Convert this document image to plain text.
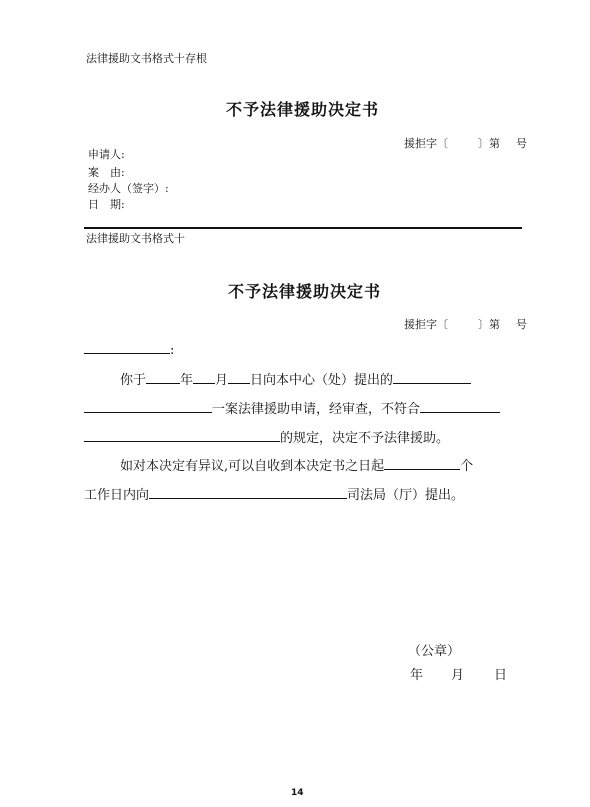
法律援助文书格式十存根
不予法律援助决定书
援拒字〔	〕第 号
申请人:
案　由:
经办人（签字）:
日　期:
法律援助文书格式十
不予法律援助决定书
援拒字〔	〕第 号
:
你于	年 月 日向本中心（处）提出的
一案法律援助申请，经审查，不符合
的规定，决定不予法律援助。
如对本决定有异议,可以自收到本决定书之日起	个
工作日内向	司法局（厅）提出。
（公章）
年 月 日
14
